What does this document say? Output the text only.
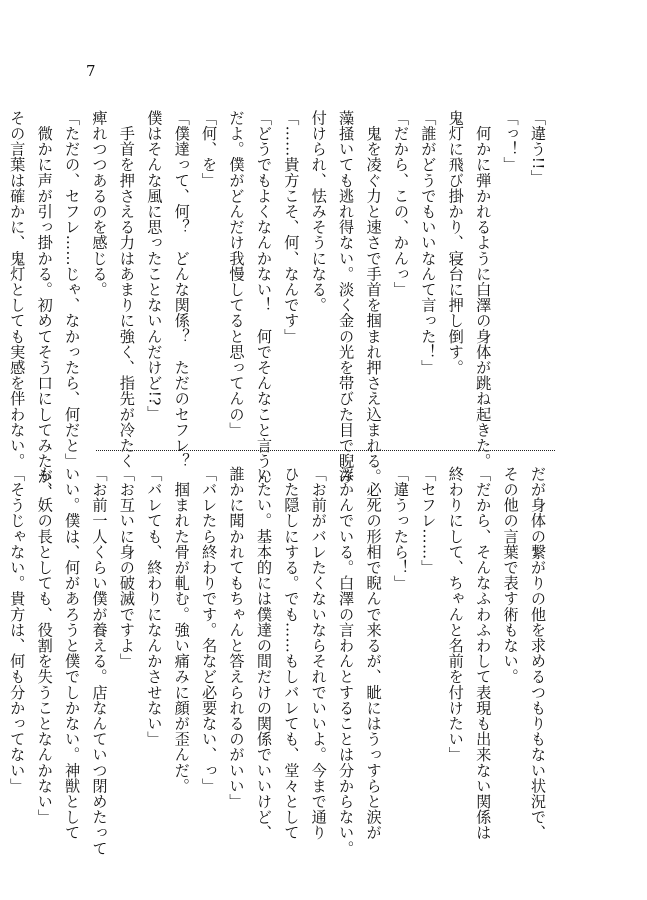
7
「違う!!」
「っ！」
　何かに弾かれるように白澤の身体が跳ね起きた。
鬼灯に飛び掛かり、寝台に押し倒す。
「誰がどうでもいいなんて言った！」
「だから、この、かんっ」
　鬼を凌ぐ力と速さで手首を掴まれ押さえ込まれる。
藻掻いても逃れ得ない。淡く金の光を帯びた目で睨み
付けられ、怯みそうになる。
「……貴方こそ、何、なんです」
「どうでもよくなんかない！　何でそんなこと言うん
だよ。僕がどんだけ我慢してると思ってんの」
「何、を」
「僕達って、何？　どんな関係？　ただのセフレ？
僕はそんな風に思ったことないんだけど!?」
　手首を押さえる力はあまりに強く、指先が冷たく
痺れつつあるのを感じる。
「ただの、セフレ……じゃ、なかったら、何だと」
　微かに声が引っ掛かる。初めてそう口にしてみたが、
その言葉は確かに、鬼灯としても実感を伴わない。
だが身体の繋がりの他を求めるつもりもない状況で、
その他の言葉で表す術もない。
「だから、そんなふわふわして表現も出来ない関係は
終わりにして、ちゃんと名前を付けたい」
「セフレ……」
「違うったら！」
　必死の形相で睨んで来るが、眦にはうっすらと涙が
浮かんでいる。白澤の言わんとすることは分からない。
「お前がバレたくないならそれでいいよ。今まで通り
ひた隠しにする。でも……もしバレても、堂々として
いたい。基本的には僕達の間だけの関係でいいけど、
誰かに聞かれてもちゃんと答えられるのがいい」
「バレたら終わりです。名など必要ない、っ」
　掴まれた骨が軋む。強い痛みに顔が歪んだ。
「バレても、終わりになんかさせない」
「お互いに身の破滅ですよ」
「お前一人くらい僕が養える。店なんていつ閉めたって
いい。僕は、何があろうと僕でしかない。神獣として
も、妖の長としても、役割を失うことなんかない」
「そうじゃない。貴方は、何も分かってない」
